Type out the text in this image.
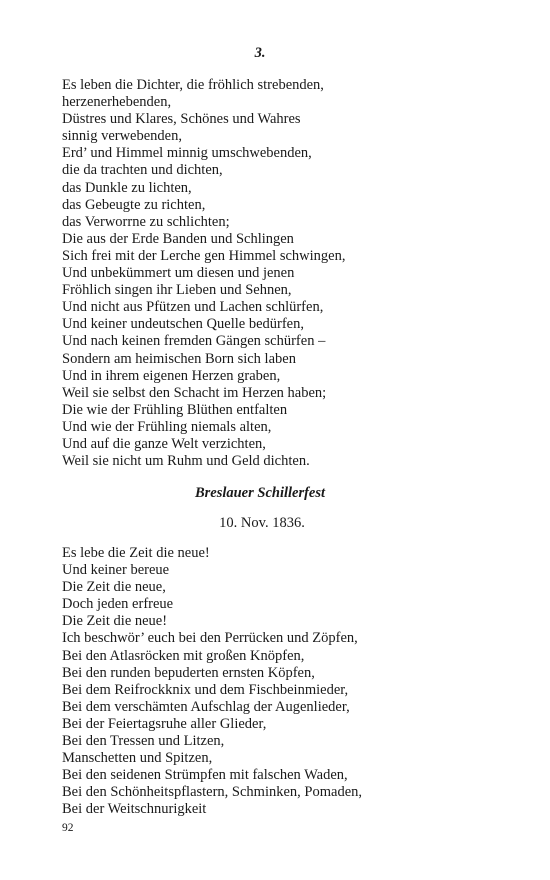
3.
Es leben die Dichter, die fröhlich strebenden,
herzenerhebenden,
Düstres und Klares, Schönes und Wahres
sinnig verwebenden,
Erd’ und Himmel minnig umschwebenden,
die da trachten und dichten,
das Dunkle zu lichten,
das Gebeugte zu richten,
das Verworrne zu schlichten;
Die aus der Erde Banden und Schlingen
Sich frei mit der Lerche gen Himmel schwingen,
Und unbekümmert um diesen und jenen
Fröhlich singen ihr Lieben und Sehnen,
Und nicht aus Pfützen und Lachen schlürfen,
Und keiner undeutschen Quelle bedürfen,
Und nach keinen fremden Gängen schürfen –
Sondern am heimischen Born sich laben
Und in ihrem eigenen Herzen graben,
Weil sie selbst den Schacht im Herzen haben;
Die wie der Frühling Blüthen entfalten
Und wie der Frühling niemals alten,
Und auf die ganze Welt verzichten,
Weil sie nicht um Ruhm und Geld dichten.
Breslauer Schillerfest
10. Nov. 1836.
Es lebe die Zeit die neue!
Und keiner bereue
Die Zeit die neue,
Doch jeden erfreue
Die Zeit die neue!
Ich beschwör’ euch bei den Perrücken und Zöpfen,
Bei den Atlasröcken mit großen Knöpfen,
Bei den runden bepuderten ernsten Köpfen,
Bei dem Reifrockknix und dem Fischbeinmieder,
Bei dem verschämten Aufschlag der Augenlieder,
Bei der Feiertagsruhe aller Glieder,
Bei den Tressen und Litzen,
Manschetten und Spitzen,
Bei den seidenen Strümpfen mit falschen Waden,
Bei den Schönheitspflastern, Schminken, Pomaden,
Bei der Weitschnurigkeit
92
